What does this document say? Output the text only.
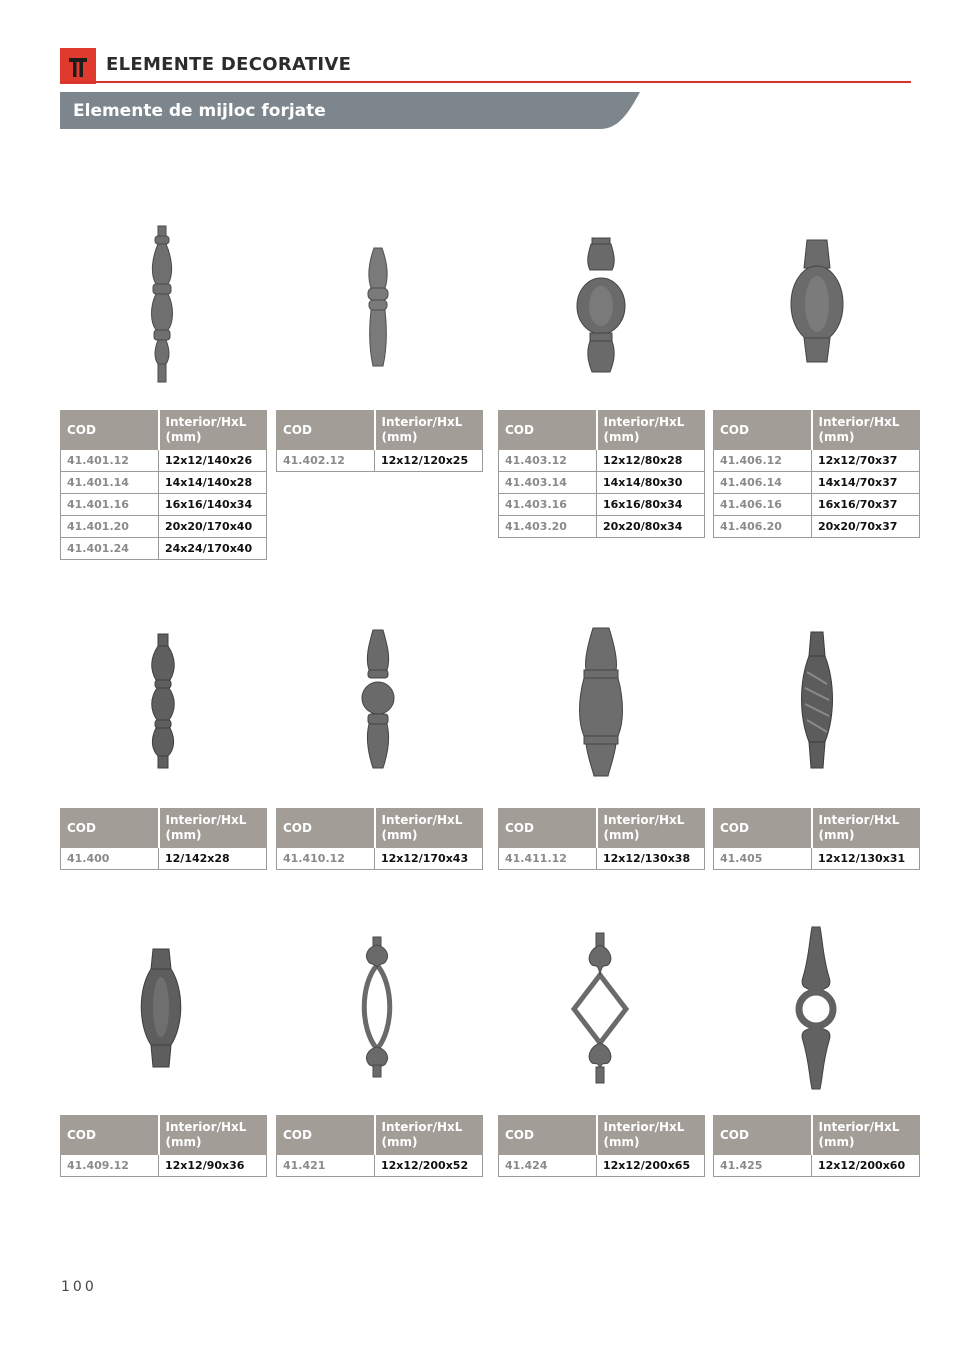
ELEMENTE DECORATIVE
Elemente de mijloc forjate
COD	Interior/HxL (mm)
41.401.12	12x12/140x26
41.401.14	14x14/140x28
41.401.16	16x16/140x34
41.401.20	20x20/170x40
41.401.24	24x24/170x40
COD	Interior/HxL (mm)
41.402.12	12x12/120x25
COD	Interior/HxL (mm)
41.403.12	12x12/80x28
41.403.14	14x14/80x30
41.403.16	16x16/80x34
41.403.20	20x20/80x34
COD	Interior/HxL (mm)
41.406.12	12x12/70x37
41.406.14	14x14/70x37
41.406.16	16x16/70x37
41.406.20	20x20/70x37
COD	Interior/HxL (mm)
41.400	12/142x28
COD	Interior/HxL (mm)
41.410.12	12x12/170x43
COD	Interior/HxL (mm)
41.411.12	12x12/130x38
COD	Interior/HxL (mm)
41.405	12x12/130x31
COD	Interior/HxL (mm)
41.409.12	12x12/90x36
COD	Interior/HxL (mm)
41.421	12x12/200x52
COD	Interior/HxL (mm)
41.424	12x12/200x65
COD	Interior/HxL (mm)
41.425	12x12/200x60
100
